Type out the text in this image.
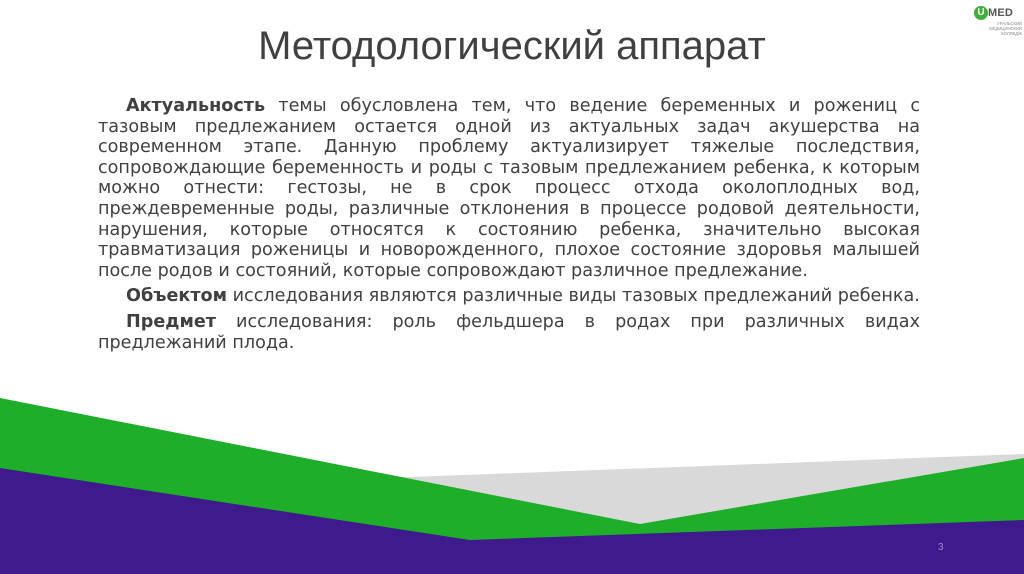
Методологический аппарат
U MED
УРАЛЬСКИЙ МЕДИЦИНСКИЙ КОЛЛЕДЖ

Актуальность темы обусловлена тем, что ведение беременных и рожениц с тазовым предлежанием остается одной из актуальных задач акушерства на современном этапе. Данную проблему актуализирует тяжелые последствия, сопровождающие беременность и роды с тазовым предлежанием ребенка, к которым можно отнести: гестозы, не в срок процесс отхода околоплодных вод, преждевременные роды, различные отклонения в процессе родовой деятельности, нарушения, которые относятся к состоянию ребенка, значительно высокая травматизация роженицы и новорожденного, плохое состояние здоровья малышей после родов и состояний, которые сопровождают различное предлежание.

Объектом исследования являются различные виды тазовых предлежаний ребенка.

Предмет исследования: роль фельдшера в родах при различных видах предлежаний плода.

3
